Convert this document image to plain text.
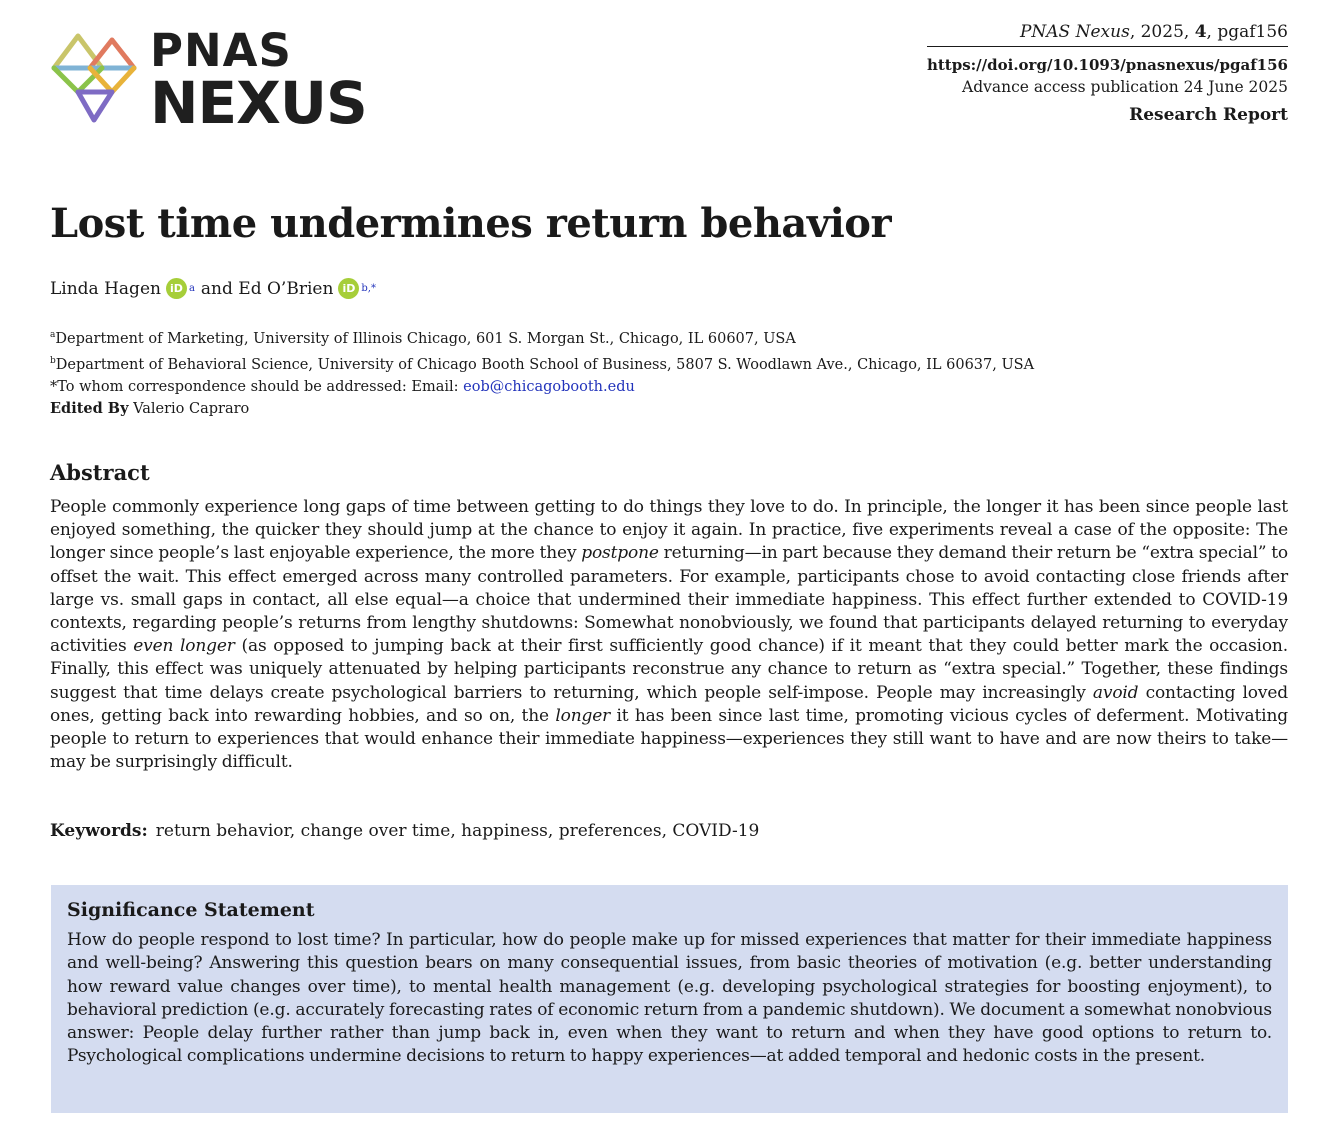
PNAS
NEXUS
PNAS Nexus, 2025, 4, pgaf156
https://doi.org/10.1093/pnasnexus/pgaf156
Advance access publication 24 June 2025
Research Report
Lost time undermines return behavior
Linda Hagen iD a and
Ed O’Brien iD b,*
$^a$Department of Marketing, University of Illinois Chicago, 601 S. Morgan St., Chicago, IL 60607, USA
$^b$Department of Behavioral Science, University of Chicago Booth School of Business, 5807 S. Woodlawn Ave., Chicago, IL 60637, USA
*To whom correspondence should be addressed: Email: eob@chicagobooth.edu
Edited By Valerio Capraro
Abstract

People commonly experience long gaps of time between getting to do things they love to do. In principle, the longer it has been since people last enjoyed something, the quicker they should jump at the chance to enjoy it again. In practice, five experiments reveal a case of the opposite: The longer since people’s last enjoyable experience, the more they postpone returning—in part because they demand their return be “extra special” to offset the wait. This effect emerged across many controlled parameters. For example, participants chose to avoid contacting close friends after large vs. small gaps in contact, all else equal—a choice that undermined their immediate happiness. This effect further extended to COVID-19 contexts, regarding people’s returns from lengthy shutdowns: Somewhat nonobviously, we found that participants delayed returning to everyday activities even longer (as opposed to jumping back at their first sufficiently good chance) if it meant that they could better mark the occasion. Finally, this effect was uniquely attenuated by helping participants reconstrue any chance to return as “extra special.” Together, these findings suggest that time delays create psychological barriers to returning, which people self-impose. People may increasingly avoid contacting loved ones, getting back into rewarding hobbies, and so on, the longer it has been since last time, promoting vicious cycles of deferment. Motivating people to return to experiences that would enhance their immediate happiness—experiences they still want to have and are now theirs to take—may be surprisingly difficult.

Keywords: return behavior, change over time, happiness, preferences, COVID-19
Significance Statement

How do people respond to lost time? In particular, how do people make up for missed experiences that matter for their immediate happiness and well-being? Answering this question bears on many consequential issues, from basic theories of motivation (e.g. better understanding how reward value changes over time), to mental health management (e.g. developing psychological strategies for boosting enjoyment), to behavioral prediction (e.g. accurately forecasting rates of economic return from a pandemic shutdown). We document a somewhat nonobvious answer: People delay further rather than jump back in, even when they want to return and when they have good options to return to. Psychological complications undermine decisions to return to happy experiences—at added temporal and hedonic costs in the present.
